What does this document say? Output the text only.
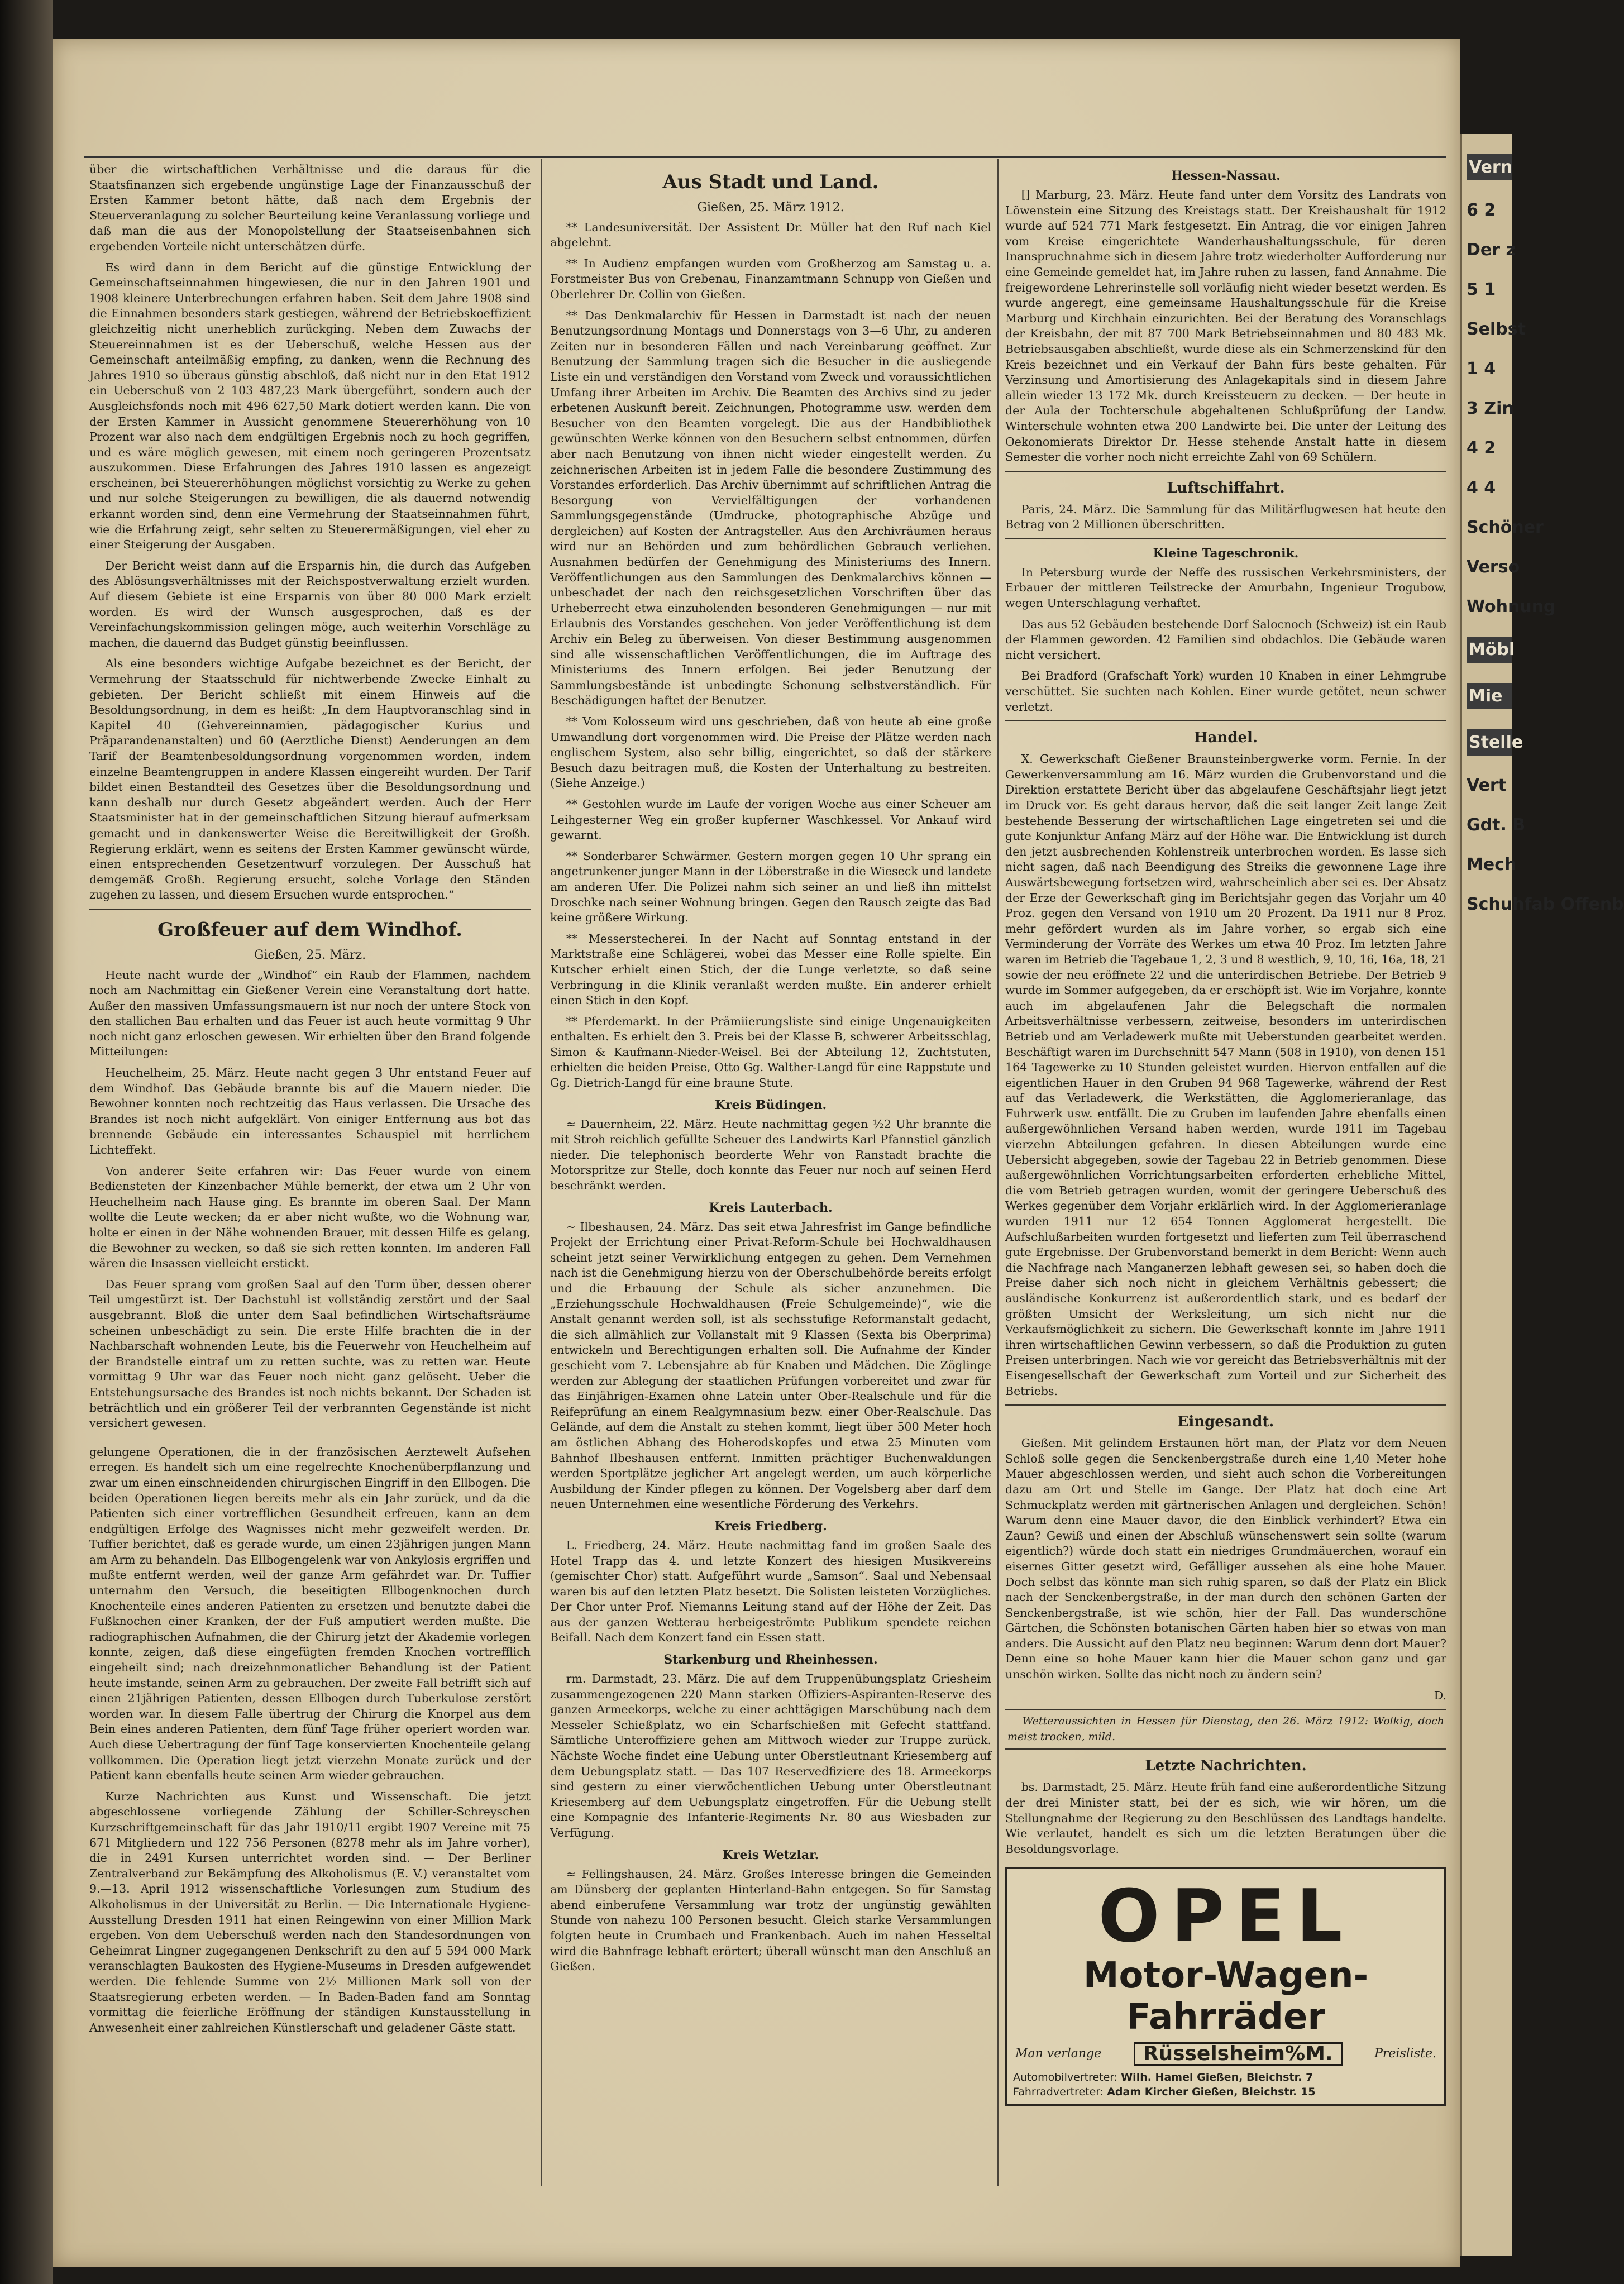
Vern
6 2
Der z
5 1
Selbst
1 4
3 Zin
4 2
4 4
Schöner
Verso
Wohnung
Möbl
Mie
Stelle
Vert
Gdt. B
Mech
Schuhfab Offenb

über die wirtschaftlichen Verhältnisse und die daraus für die Staatsfinanzen sich ergebende ungünstige Lage der Finanzausschuß der Ersten Kammer betont hätte, daß nach dem Ergebnis der Steuerveranlagung zu solcher Beurteilung keine Veranlassung vorliege und daß man die aus der Monopolstellung der Staatseisenbahnen sich ergebenden Vorteile nicht unterschätzen dürfe.

Es wird dann in dem Bericht auf die günstige Entwicklung der Gemeinschaftseinnahmen hingewiesen, die nur in den Jahren 1901 und 1908 kleinere Unterbrechungen erfahren haben. Seit dem Jahre 1908 sind die Einnahmen besonders stark gestiegen, während der Betriebskoeffizient gleichzeitig nicht unerheblich zurückging. Neben dem Zuwachs der Steuereinnahmen ist es der Ueberschuß, welche Hessen aus der Gemeinschaft anteilmäßig empfing, zu danken, wenn die Rechnung des Jahres 1910 so überaus günstig abschloß, daß nicht nur in den Etat 1912 ein Ueberschuß von 2 103 487,23 Mark übergeführt, sondern auch der Ausgleichsfonds noch mit 496 627,50 Mark dotiert werden kann. Die von der Ersten Kammer in Aussicht genommene Steuererhöhung von 10 Prozent war also nach dem endgültigen Ergebnis noch zu hoch gegriffen, und es wäre möglich gewesen, mit einem noch geringeren Prozentsatz auszukommen. Diese Erfahrungen des Jahres 1910 lassen es angezeigt erscheinen, bei Steuererhöhungen möglichst vorsichtig zu Werke zu gehen und nur solche Steigerungen zu bewilligen, die als dauernd notwendig erkannt worden sind, denn eine Vermehrung der Staatseinnahmen führt, wie die Erfahrung zeigt, sehr selten zu Steuerermäßigungen, viel eher zu einer Steigerung der Ausgaben.

Der Bericht weist dann auf die Ersparnis hin, die durch das Aufgeben des Ablösungsverhältnisses mit der Reichspostverwaltung erzielt wurden. Auf diesem Gebiete ist eine Ersparnis von über 80 000 Mark erzielt worden. Es wird der Wunsch ausgesprochen, daß es der Vereinfachungskommission gelingen möge, auch weiterhin Vorschläge zu machen, die dauernd das Budget günstig beeinflussen.

Als eine besonders wichtige Aufgabe bezeichnet es der Bericht, der Vermehrung der Staatsschuld für nichtwerbende Zwecke Einhalt zu gebieten. Der Bericht schließt mit einem Hinweis auf die Besoldungsordnung, in dem es heißt: „In dem Hauptvoranschlag sind in Kapitel 40 (Gehvereinnamien, pädagogischer Kurius und Präparandenanstalten) und 60 (Aerztliche Dienst) Aenderungen an dem Tarif der Beamtenbesoldungsordnung vorgenommen worden, indem einzelne Beamtengruppen in andere Klassen eingereiht wurden. Der Tarif bildet einen Bestandteil des Gesetzes über die Besoldungsordnung und kann deshalb nur durch Gesetz abgeändert werden. Auch der Herr Staatsminister hat in der gemeinschaftlichen Sitzung hierauf aufmerksam gemacht und in dankenswerter Weise die Bereitwilligkeit der Großh. Regierung erklärt, wenn es seitens der Ersten Kammer gewünscht würde, einen entsprechenden Gesetzentwurf vorzulegen. Der Ausschuß hat demgemäß Großh. Regierung ersucht, solche Vorlage den Ständen zugehen zu lassen, und diesem Ersuchen wurde entsprochen.“

Großfeuer auf dem Windhof.

Gießen, 25. März.

Heute nacht wurde der „Windhof“ ein Raub der Flammen, nachdem noch am Nachmittag ein Gießener Verein eine Veranstaltung dort hatte. Außer den massiven Umfassungsmauern ist nur noch der untere Stock von den stallichen Bau erhalten und das Feuer ist auch heute vormittag 9 Uhr noch nicht ganz erloschen gewesen. Wir erhielten über den Brand folgende Mitteilungen:

Heuchelheim, 25. März. Heute nacht gegen 3 Uhr entstand Feuer auf dem Windhof. Das Gebäude brannte bis auf die Mauern nieder. Die Bewohner konnten noch rechtzeitig das Haus verlassen. Die Ursache des Brandes ist noch nicht aufgeklärt. Von einiger Entfernung aus bot das brennende Gebäude ein interessantes Schauspiel mit herrlichem Lichteffekt.

Von anderer Seite erfahren wir: Das Feuer wurde von einem Bediensteten der Kinzenbacher Mühle bemerkt, der etwa um 2 Uhr von Heuchelheim nach Hause ging. Es brannte im oberen Saal. Der Mann wollte die Leute wecken; da er aber nicht wußte, wo die Wohnung war, holte er einen in der Nähe wohnenden Brauer, mit dessen Hilfe es gelang, die Bewohner zu wecken, so daß sie sich retten konnten. Im anderen Fall wären die Insassen vielleicht erstickt.

Das Feuer sprang vom großen Saal auf den Turm über, dessen oberer Teil umgestürzt ist. Der Dachstuhl ist vollständig zerstört und der Saal ausgebrannt. Bloß die unter dem Saal befindlichen Wirtschaftsräume scheinen unbeschädigt zu sein. Die erste Hilfe brachten die in der Nachbarschaft wohnenden Leute, bis die Feuerwehr von Heuchelheim auf der Brandstelle eintraf um zu retten suchte, was zu retten war. Heute vormittag 9 Uhr war das Feuer noch nicht ganz gelöscht. Ueber die Entstehungsursache des Brandes ist noch nichts bekannt. Der Schaden ist beträchtlich und ein größerer Teil der verbrannten Gegenstände ist nicht versichert gewesen.

gelungene Operationen, die in der französischen Aerztewelt Aufsehen erregen. Es handelt sich um eine regelrechte Knochenüberpflanzung und zwar um einen einschneidenden chirurgischen Eingriff in den Ellbogen. Die beiden Operationen liegen bereits mehr als ein Jahr zurück, und da die Patienten sich einer vortrefflichen Gesundheit erfreuen, kann an dem endgültigen Erfolge des Wagnisses nicht mehr gezweifelt werden. Dr. Tuffier berichtet, daß es gerade wurde, um einen 23jährigen jungen Mann am Arm zu behandeln. Das Ellbogengelenk war von Ankylosis ergriffen und mußte entfernt werden, weil der ganze Arm gefährdet war. Dr. Tuffier unternahm den Versuch, die beseitigten Ellbogenknochen durch Knochenteile eines anderen Patienten zu ersetzen und benutzte dabei die Fußknochen einer Kranken, der der Fuß amputiert werden mußte. Die radiographischen Aufnahmen, die der Chirurg jetzt der Akademie vorlegen konnte, zeigen, daß diese eingefügten fremden Knochen vortrefflich eingeheilt sind; nach dreizehnmonatlicher Behandlung ist der Patient heute imstande, seinen Arm zu gebrauchen. Der zweite Fall betrifft sich auf einen 21jährigen Patienten, dessen Ellbogen durch Tuberkulose zerstört worden war. In diesem Falle übertrug der Chirurg die Knorpel aus dem Bein eines anderen Patienten, dem fünf Tage früher operiert worden war. Auch diese Uebertragung der fünf Tage konservierten Knochenteile gelang vollkommen. Die Operation liegt jetzt vierzehn Monate zurück und der Patient kann ebenfalls heute seinen Arm wieder gebrauchen.

Kurze Nachrichten aus Kunst und Wissenschaft. Die jetzt abgeschlossene vorliegende Zählung der Schiller-Schreyschen Kurzschriftgemeinschaft für das Jahr 1910/11 ergibt 1907 Vereine mit 75 671 Mitgliedern und 122 756 Personen (8278 mehr als im Jahre vorher), die in 2491 Kursen unterrichtet worden sind. — Der Berliner Zentralverband zur Bekämpfung des Alkoholismus (E. V.) veranstaltet vom 9.—13. April 1912 wissenschaftliche Vorlesungen zum Studium des Alkoholismus in der Universität zu Berlin. — Die Internationale Hygiene-Ausstellung Dresden 1911 hat einen Reingewinn von einer Million Mark ergeben. Von dem Ueberschuß werden nach den Standesordnungen von Geheimrat Lingner zugegangenen Denkschrift zu den auf 5 594 000 Mark veranschlagten Baukosten des Hygiene-Museums in Dresden aufgewendet werden. Die fehlende Summe von 2½ Millionen Mark soll von der Staatsregierung erbeten werden. — In Baden-Baden fand am Sonntag vormittag die feierliche Eröffnung der ständigen Kunstausstellung in Anwesenheit einer zahlreichen Künstlerschaft und geladener Gäste statt.

Aus Stadt und Land.

Gießen, 25. März 1912.

** Landesuniversität. Der Assistent Dr. Müller hat den Ruf nach Kiel abgelehnt.

** In Audienz empfangen wurden vom Großherzog am Samstag u. a. Forstmeister Bus von Grebenau, Finanzamtmann Schnupp von Gießen und Oberlehrer Dr. Collin von Gießen.

** Das Denkmalarchiv für Hessen in Darmstadt ist nach der neuen Benutzungsordnung Montags und Donnerstags von 3—6 Uhr, zu anderen Zeiten nur in besonderen Fällen und nach Vereinbarung geöffnet. Zur Benutzung der Sammlung tragen sich die Besucher in die ausliegende Liste ein und verständigen den Vorstand vom Zweck und voraussichtlichen Umfang ihrer Arbeiten im Archiv. Die Beamten des Archivs sind zu jeder erbetenen Auskunft bereit. Zeichnungen, Photogramme usw. werden dem Besucher von den Beamten vorgelegt. Die aus der Handbibliothek gewünschten Werke können von den Besuchern selbst entnommen, dürfen aber nach Benutzung von ihnen nicht wieder eingestellt werden. Zu zeichnerischen Arbeiten ist in jedem Falle die besondere Zustimmung des Vorstandes erforderlich. Das Archiv übernimmt auf schriftlichen Antrag die Besorgung von Vervielfältigungen der vorhandenen Sammlungsgegenstände (Umdrucke, photographische Abzüge und dergleichen) auf Kosten der Antragsteller. Aus den Archivräumen heraus wird nur an Behörden und zum behördlichen Gebrauch verliehen. Ausnahmen bedürfen der Genehmigung des Ministeriums des Innern. Veröffentlichungen aus den Sammlungen des Denkmalarchivs können — unbeschadet der nach den reichsgesetzlichen Vorschriften über das Urheberrecht etwa einzuholenden besonderen Genehmigungen — nur mit Erlaubnis des Vorstandes geschehen. Von jeder Veröffentlichung ist dem Archiv ein Beleg zu überweisen. Von dieser Bestimmung ausgenommen sind alle wissenschaftlichen Veröffentlichungen, die im Auftrage des Ministeriums des Innern erfolgen. Bei jeder Benutzung der Sammlungsbestände ist unbedingte Schonung selbstverständlich. Für Beschädigungen haftet der Benutzer.

** Vom Kolosseum wird uns geschrieben, daß von heute ab eine große Umwandlung dort vorgenommen wird. Die Preise der Plätze werden nach englischem System, also sehr billig, eingerichtet, so daß der stärkere Besuch dazu beitragen muß, die Kosten der Unterhaltung zu bestreiten. (Siehe Anzeige.)

** Gestohlen wurde im Laufe der vorigen Woche aus einer Scheuer am Leihgesterner Weg ein großer kupferner Waschkessel. Vor Ankauf wird gewarnt.

** Sonderbarer Schwärmer. Gestern morgen gegen 10 Uhr sprang ein angetrunkener junger Mann in der Löberstraße in die Wieseck und landete am anderen Ufer. Die Polizei nahm sich seiner an und ließ ihn mittelst Droschke nach seiner Wohnung bringen. Gegen den Rausch zeigte das Bad keine größere Wirkung.

** Messerstecherei. In der Nacht auf Sonntag entstand in der Marktstraße eine Schlägerei, wobei das Messer eine Rolle spielte. Ein Kutscher erhielt einen Stich, der die Lunge verletzte, so daß seine Verbringung in die Klinik veranlaßt werden mußte. Ein anderer erhielt einen Stich in den Kopf.

** Pferdemarkt. In der Prämiierungsliste sind einige Ungenauigkeiten enthalten. Es erhielt den 3. Preis bei der Klasse B, schwerer Arbeitsschlag, Simon & Kaufmann-Nieder-Weisel. Bei der Abteilung 12, Zuchtstuten, erhielten die beiden Preise, Otto Gg. Walther-Langd für eine Rappstute und Gg. Dietrich-Langd für eine braune Stute.

Kreis Büdingen.

≈ Dauernheim, 22. März. Heute nachmittag gegen ½2 Uhr brannte die mit Stroh reichlich gefüllte Scheuer des Landwirts Karl Pfannstiel gänzlich nieder. Die telephonisch beorderte Wehr von Ranstadt brachte die Motorspritze zur Stelle, doch konnte das Feuer nur noch auf seinen Herd beschränkt werden.

Kreis Lauterbach.

~ Ilbeshausen, 24. März. Das seit etwa Jahresfrist im Gange befindliche Projekt der Errichtung einer Privat-Reform-Schule bei Hochwaldhausen scheint jetzt seiner Verwirklichung entgegen zu gehen. Dem Vernehmen nach ist die Genehmigung hierzu von der Oberschulbehörde bereits erfolgt und die Erbauung der Schule als sicher anzunehmen. Die „Erziehungsschule Hochwaldhausen (Freie Schulgemeinde)“, wie die Anstalt genannt werden soll, ist als sechsstufige Reformanstalt gedacht, die sich allmählich zur Vollanstalt mit 9 Klassen (Sexta bis Oberprima) entwickeln und Berechtigungen erhalten soll. Die Aufnahme der Kinder geschieht vom 7. Lebensjahre ab für Knaben und Mädchen. Die Zöglinge werden zur Ablegung der staatlichen Prüfungen vorbereitet und zwar für das Einjährigen-Examen ohne Latein unter Ober-Realschule und für die Reifeprüfung an einem Realgymnasium bezw. einer Ober-Realschule. Das Gelände, auf dem die Anstalt zu stehen kommt, liegt über 500 Meter hoch am östlichen Abhang des Hoherodskopfes und etwa 25 Minuten vom Bahnhof Ilbeshausen entfernt. Inmitten prächtiger Buchenwaldungen werden Sportplätze jeglicher Art angelegt werden, um auch körperliche Ausbildung der Kinder pflegen zu können. Der Vogelsberg aber darf dem neuen Unternehmen eine wesentliche Förderung des Verkehrs.

Kreis Friedberg.

L. Friedberg, 24. März. Heute nachmittag fand im großen Saale des Hotel Trapp das 4. und letzte Konzert des hiesigen Musikvereins (gemischter Chor) statt. Aufgeführt wurde „Samson“. Saal und Nebensaal waren bis auf den letzten Platz besetzt. Die Solisten leisteten Vorzügliches. Der Chor unter Prof. Niemanns Leitung stand auf der Höhe der Zeit. Das aus der ganzen Wetterau herbeigeströmte Publikum spendete reichen Beifall. Nach dem Konzert fand ein Essen statt.

Starkenburg und Rheinhessen.

rm. Darmstadt, 23. März. Die auf dem Truppenübungsplatz Griesheim zusammengezogenen 220 Mann starken Offiziers-Aspiranten-Reserve des ganzen Armeekorps, welche zu einer achttägigen Marschübung nach dem Messeler Schießplatz, wo ein Scharfschießen mit Gefecht stattfand. Sämtliche Unteroffiziere gehen am Mittwoch wieder zur Truppe zurück. Nächste Woche findet eine Uebung unter Oberstleutnant Kriesemberg auf dem Uebungsplatz statt. — Das 107 Reservedfiziere des 18. Armeekorps sind gestern zu einer vierwöchentlichen Uebung unter Oberstleutnant Kriesemberg auf dem Uebungsplatz eingetroffen. Für die Uebung stellt eine Kompagnie des Infanterie-Regiments Nr. 80 aus Wiesbaden zur Verfügung.

Kreis Wetzlar.

≈ Fellingshausen, 24. März. Großes Interesse bringen die Gemeinden am Dünsberg der geplanten Hinterland-Bahn entgegen. So für Samstag abend einberufene Versammlung war trotz der ungünstig gewählten Stunde von nahezu 100 Personen besucht. Gleich starke Versammlungen folgten heute in Crumbach und Frankenbach. Auch im nahen Hesseltal wird die Bahnfrage lebhaft erörtert; überall wünscht man den Anschluß an Gießen.

Hessen-Nassau.

[] Marburg, 23. März. Heute fand unter dem Vorsitz des Landrats von Löwenstein eine Sitzung des Kreistags statt. Der Kreishaushalt für 1912 wurde auf 524 771 Mark festgesetzt. Ein Antrag, die vor einigen Jahren vom Kreise eingerichtete Wanderhaushaltungsschule, für deren Inanspruchnahme sich in diesem Jahre trotz wiederholter Aufforderung nur eine Gemeinde gemeldet hat, im Jahre ruhen zu lassen, fand Annahme. Die freigewordene Lehrerinstelle soll vorläufig nicht wieder besetzt werden. Es wurde angeregt, eine gemeinsame Haushaltungsschule für die Kreise Marburg und Kirchhain einzurichten. Bei der Beratung des Voranschlags der Kreisbahn, der mit 87 700 Mark Betriebseinnahmen und 80 483 Mk. Betriebsausgaben abschließt, wurde diese als ein Schmerzenskind für den Kreis bezeichnet und ein Verkauf der Bahn fürs beste gehalten. Für Verzinsung und Amortisierung des Anlagekapitals sind in diesem Jahre allein wieder 13 172 Mk. durch Kreissteuern zu decken. — Der heute in der Aula der Tochterschule abgehaltenen Schlußprüfung der Landw. Winterschule wohnten etwa 200 Landwirte bei. Die unter der Leitung des Oekonomierats Direktor Dr. Hesse stehende Anstalt hatte in diesem Semester die vorher noch nicht erreichte Zahl von 69 Schülern.

Luftschiffahrt.

Paris, 24. März. Die Sammlung für das Militärflugwesen hat heute den Betrag von 2 Millionen überschritten.

Kleine Tageschronik.

In Petersburg wurde der Neffe des russischen Verkehrsministers, der Erbauer der mittleren Teilstrecke der Amurbahn, Ingenieur Trogubow, wegen Unterschlagung verhaftet.

Das aus 52 Gebäuden bestehende Dorf Salocnoch (Schweiz) ist ein Raub der Flammen geworden. 42 Familien sind obdachlos. Die Gebäude waren nicht versichert.

Bei Bradford (Grafschaft York) wurden 10 Knaben in einer Lehmgrube verschüttet. Sie suchten nach Kohlen. Einer wurde getötet, neun schwer verletzt.

Handel.

X. Gewerkschaft Gießener Braunsteinbergwerke vorm. Fernie. In der Gewerkenversammlung am 16. März wurden die Grubenvorstand und die Direktion erstattete Bericht über das abgelaufene Geschäftsjahr liegt jetzt im Druck vor. Es geht daraus hervor, daß die seit langer Zeit lange Zeit bestehende Besserung der wirtschaftlichen Lage eingetreten sei und die gute Konjunktur Anfang März auf der Höhe war. Die Entwicklung ist durch den jetzt ausbrechenden Kohlenstreik unterbrochen worden. Es lasse sich nicht sagen, daß nach Beendigung des Streiks die gewonnene Lage ihre Auswärtsbewegung fortsetzen wird, wahrscheinlich aber sei es. Der Absatz der Erze der Gewerkschaft ging im Berichtsjahr gegen das Vorjahr um 40 Proz. gegen den Versand von 1910 um 20 Prozent. Da 1911 nur 8 Proz. mehr gefördert wurden als im Jahre vorher, so ergab sich eine Verminderung der Vorräte des Werkes um etwa 40 Proz. Im letzten Jahre waren im Betrieb die Tagebaue 1, 2, 3 und 8 westlich, 9, 10, 16, 16a, 18, 21 sowie der neu eröffnete 22 und die unterirdischen Betriebe. Der Betrieb 9 wurde im Sommer aufgegeben, da er erschöpft ist. Wie im Vorjahre, konnte auch im abgelaufenen Jahr die Belegschaft die normalen Arbeitsverhältnisse verbessern, zeitweise, besonders im unterirdischen Betrieb und am Verladewerk mußte mit Ueberstunden gearbeitet werden. Beschäftigt waren im Durchschnitt 547 Mann (508 in 1910), von denen 151 164 Tagewerke zu 10 Stunden geleistet wurden. Hiervon entfallen auf die eigentlichen Hauer in den Gruben 94 968 Tagewerke, während der Rest auf das Verladewerk, die Werkstätten, die Agglomerieranlage, das Fuhrwerk usw. entfällt. Die zu Gruben im laufenden Jahre ebenfalls einen außergewöhnlichen Versand haben werden, wurde 1911 im Tagebau vierzehn Abteilungen gefahren. In diesen Abteilungen wurde eine Uebersicht abgegeben, sowie der Tagebau 22 in Betrieb genommen. Diese außergewöhnlichen Vorrichtungsarbeiten erforderten erhebliche Mittel, die vom Betrieb getragen wurden, womit der geringere Ueberschuß des Werkes gegenüber dem Vorjahr erklärlich wird. In der Agglomerieranlage wurden 1911 nur 12 654 Tonnen Agglomerat hergestellt. Die Aufschlußarbeiten wurden fortgesetzt und lieferten zum Teil überraschend gute Ergebnisse. Der Grubenvorstand bemerkt in dem Bericht: Wenn auch die Nachfrage nach Manganerzen lebhaft gewesen sei, so haben doch die Preise daher sich noch nicht in gleichem Verhältnis gebessert; die ausländische Konkurrenz ist außerordentlich stark, und es bedarf der größten Umsicht der Werksleitung, um sich nicht nur die Verkaufsmöglichkeit zu sichern. Die Gewerkschaft konnte im Jahre 1911 ihren wirtschaftlichen Gewinn verbessern, so daß die Produktion zu guten Preisen unterbringen. Nach wie vor gereicht das Betriebsverhältnis mit der Eisengesellschaft der Gewerkschaft zum Vorteil und zur Sicherheit des Betriebs.

Eingesandt.

Gießen. Mit gelindem Erstaunen hört man, der Platz vor dem Neuen Schloß solle gegen die Senckenbergstraße durch eine 1,40 Meter hohe Mauer abgeschlossen werden, und sieht auch schon die Vorbereitungen dazu am Ort und Stelle im Gange. Der Platz hat doch eine Art Schmuckplatz werden mit gärtnerischen Anlagen und dergleichen. Schön! Warum denn eine Mauer davor, die den Einblick verhindert? Etwa ein Zaun? Gewiß und einen der Abschluß wünschenswert sein sollte (warum eigentlich?) würde doch statt ein niedriges Grundmäuerchen, worauf ein eisernes Gitter gesetzt wird, Gefälliger aussehen als eine hohe Mauer. Doch selbst das könnte man sich ruhig sparen, so daß der Platz ein Blick nach der Senckenbergstraße, in der man durch den schönen Garten der Senckenbergstraße, ist wie schön, hier der Fall. Das wunderschöne Gärtchen, die Schönsten botanischen Gärten haben hier so etwas von man anders. Die Aussicht auf den Platz neu beginnen: Warum denn dort Mauer? Denn eine so hohe Mauer kann hier die Mauer schon ganz und gar unschön wirken. Sollte das nicht noch zu ändern sein?

D.

Wetteraussichten in Hessen für Dienstag, den 26. März 1912: Wolkig, doch meist trocken, mild.

Letzte Nachrichten.

bs. Darmstadt, 25. März. Heute früh fand eine außerordentliche Sitzung der drei Minister statt, bei der es sich, wie wir hören, um die Stellungnahme der Regierung zu den Beschlüssen des Landtags handelte. Wie verlautet, handelt es sich um die letzten Beratungen über die Besoldungsvorlage.

OPEL
Motor-Wagen-Fahrräder
Man verlange	Rüsselsheim%M.	Preisliste.
Automobilvertreter: Wilh. Hamel Gießen, Bleichstr. 7
Fahrradvertreter: Adam Kircher Gießen, Bleichstr. 15
